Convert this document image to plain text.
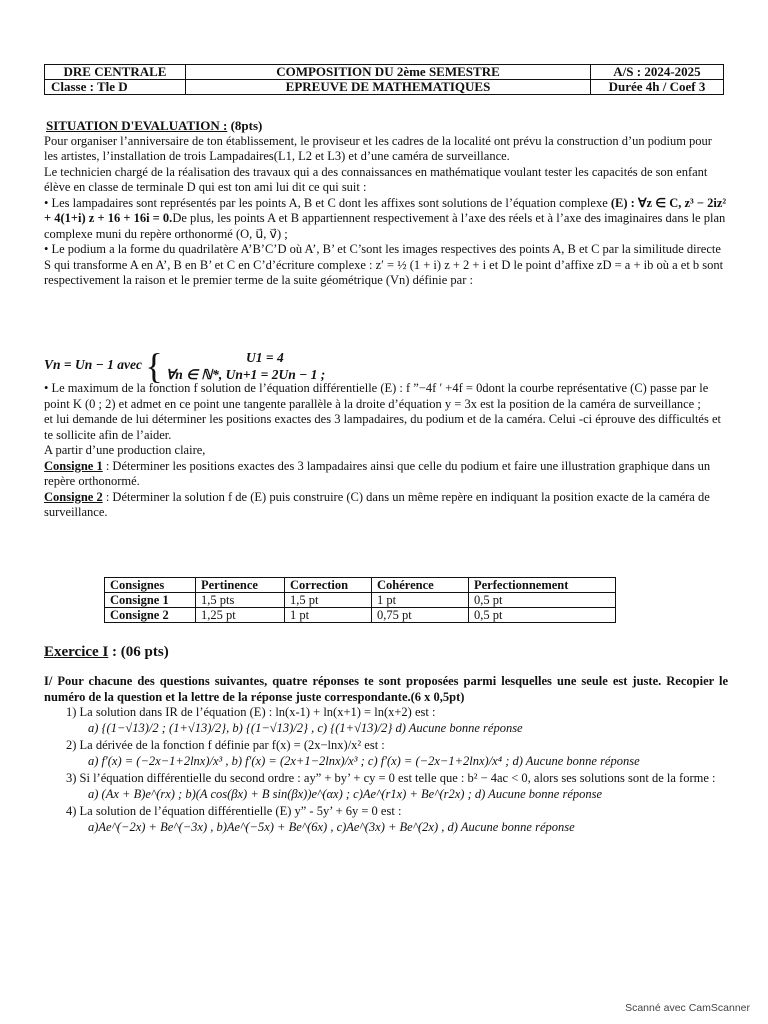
DRE CENTRALE	COMPOSITION DU 2ème SEMESTRE	A/S : 2024-2025
Classe : Tle D	EPREUVE DE MATHEMATIQUES	Durée 4h / Coef 3

SITUATION D'EVALUATION : (8pts)

Pour organiser l’anniversaire de ton établissement, le proviseur et les cadres de la localité ont prévu la construction d’un podium pour les artistes, l’installation de trois Lampadaires(L1, L2 et L3) et d’une caméra de surveillance.

Le technicien chargé de la réalisation des travaux qui a des connaissances en mathématique voulant tester les capacités de son enfant élève en classe de terminale D qui est ton ami lui dit ce qui suit :

• Les lampadaires sont représentés par les points A, B et C dont les affixes sont solutions de l’équation complexe (E) : ∀z ∈ C, z³ − 2iz² + 4(1+i) z + 16 + 16i = 0.De plus, les points A et B appartiennent respectivement à l’axe des réels et à l’axe des imaginaires dans le plan complexe muni du repère orthonormé (O, u⃗, v⃗) ;

• Le podium a la forme du quadrilatère A’B’C’D où A’, B’ et C’sont les images respectives des points A, B et C par la similitude directe S qui transforme A en A’, B en B’ et C en C’d’écriture complexe : z′ = ½ (1 + i) z + 2 + i et D le point d’affixe zD = a + ib où a et b sont respectivement la raison et le premier terme de la suite géométrique (Vn) définie par :

Vn = Un − 1 avec {	U1 = 4
∀n ∈ ℕ*, Un+1 = 2Un − 1 ;

• Le maximum de la fonction f solution de l’équation différentielle (E) : f ”−4f ′ +4f = 0dont la courbe représentative (C) passe par le point K (0 ; 2) et admet en ce point une tangente parallèle à la droite d’équation y = 3x est la position de la caméra de surveillance ;

et lui demande de lui déterminer les positions exactes des 3 lampadaires, du podium et de la caméra. Celui -ci éprouve des difficultés et te sollicite afin de l’aider.

A partir d’une production claire,

Consigne 1 : Déterminer les positions exactes des 3 lampadaires ainsi que celle du podium et faire une illustration graphique dans un repère orthonormé.

Consigne 2 : Déterminer la solution f de (E) puis construire (C) dans un même repère en indiquant la position exacte de la caméra de surveillance.

Consignes	Pertinence	Correction	Cohérence	Perfectionnement
Consigne 1	1,5 pts	1,5 pt	1 pt	0,5 pt
Consigne 2	1,25 pt	1 pt	0,75 pt	0,5 pt
Exercice I : (06 pts)

I/ Pour chacune des questions suivantes, quatre réponses te sont proposées parmi lesquelles une seule est juste. Recopier le numéro de la question et la lettre de la réponse juste correspondante.(6 x 0,5pt)

1) La solution dans IR de l’équation (E) : ln(x-1) + ln(x+1) = ln(x+2) est :

a) {(1−√13)/2 ; (1+√13)/2}, b) {(1−√13)/2} , c) {(1+√13)/2} d) Aucune bonne réponse

2) La dérivée de la fonction f définie par f(x) = (2x−lnx)/x² est :

a) f′(x) = (−2x−1+2lnx)/x³ , b) f′(x) = (2x+1−2lnx)/x³ ; c) f′(x) = (−2x−1+2lnx)/x⁴ ; d) Aucune bonne réponse

3) Si l’équation différentielle du second ordre : ay” + by’ + cy = 0 est telle que : b² − 4ac < 0, alors ses solutions sont de la forme :

a) (Ax + B)e^(rx) ; b)(A cos(βx) + B sin(βx))e^(αx) ; c)Ae^(r1x) + Be^(r2x) ; d) Aucune bonne réponse

4) La solution de l’équation différentielle (E) y” - 5y’ + 6y = 0 est :

a)Ae^(−2x) + Be^(−3x) , b)Ae^(−5x) + Be^(6x) , c)Ae^(3x) + Be^(2x) , d) Aucune bonne réponse

Scanné avec CamScanner
